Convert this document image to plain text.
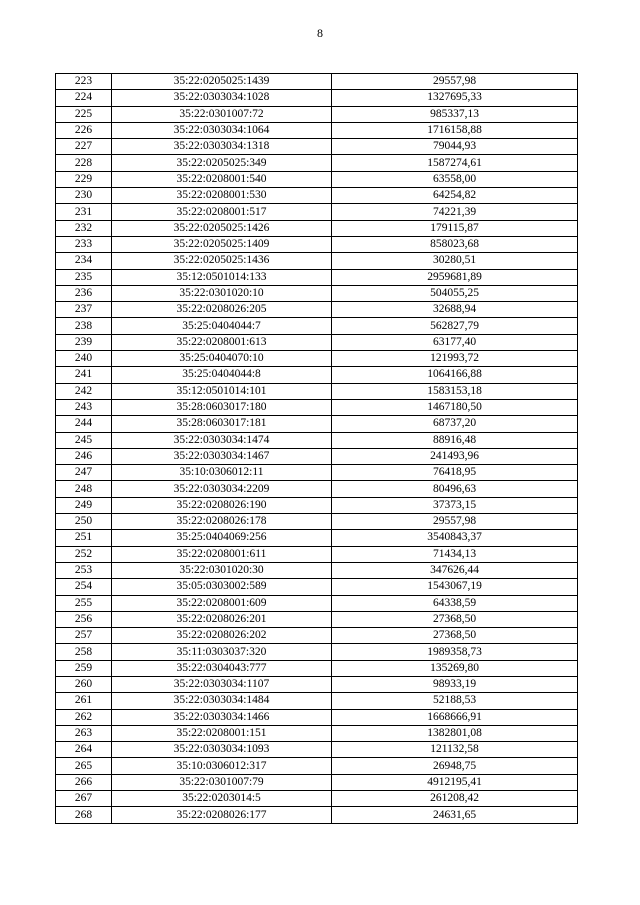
8
223	35:22:0205025:1439	29557,98
224	35:22:0303034:1028	1327695,33
225	35:22:0301007:72	985337,13
226	35:22:0303034:1064	1716158,88
227	35:22:0303034:1318	79044,93
228	35:22:0205025:349	1587274,61
229	35:22:0208001:540	63558,00
230	35:22:0208001:530	64254,82
231	35:22:0208001:517	74221,39
232	35:22:0205025:1426	179115,87
233	35:22:0205025:1409	858023,68
234	35:22:0205025:1436	30280,51
235	35:12:0501014:133	2959681,89
236	35:22:0301020:10	504055,25
237	35:22:0208026:205	32688,94
238	35:25:0404044:7	562827,79
239	35:22:0208001:613	63177,40
240	35:25:0404070:10	121993,72
241	35:25:0404044:8	1064166,88
242	35:12:0501014:101	1583153,18
243	35:28:0603017:180	1467180,50
244	35:28:0603017:181	68737,20
245	35:22:0303034:1474	88916,48
246	35:22:0303034:1467	241493,96
247	35:10:0306012:11	76418,95
248	35:22:0303034:2209	80496,63
249	35:22:0208026:190	37373,15
250	35:22:0208026:178	29557,98
251	35:25:0404069:256	3540843,37
252	35:22:0208001:611	71434,13
253	35:22:0301020:30	347626,44
254	35:05:0303002:589	1543067,19
255	35:22:0208001:609	64338,59
256	35:22:0208026:201	27368,50
257	35:22:0208026:202	27368,50
258	35:11:0303037:320	1989358,73
259	35:22:0304043:777	135269,80
260	35:22:0303034:1107	98933,19
261	35:22:0303034:1484	52188,53
262	35:22:0303034:1466	1668666,91
263	35:22:0208001:151	1382801,08
264	35:22:0303034:1093	121132,58
265	35:10:0306012:317	26948,75
266	35:22:0301007:79	4912195,41
267	35:22:0203014:5	261208,42
268	35:22:0208026:177	24631,65
